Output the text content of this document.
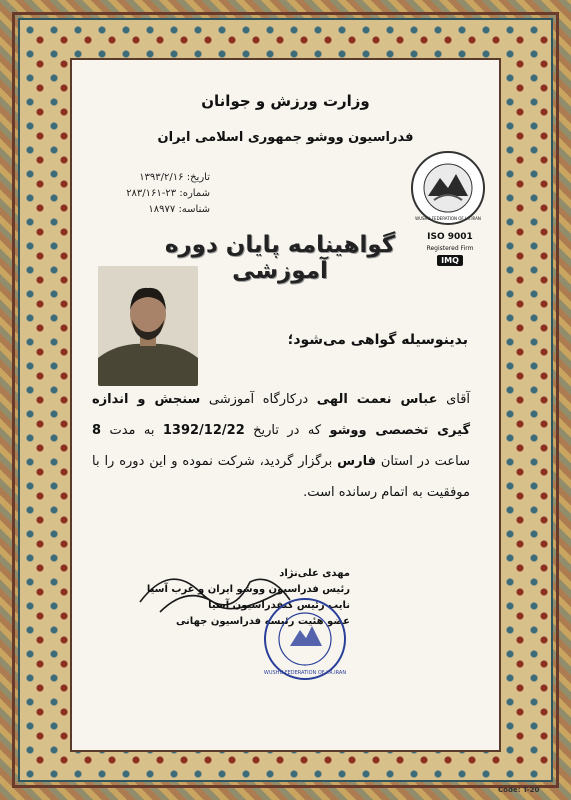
وزارت ورزش و جوانان
فدراسیون ووشو جمهوری اسلامی ایران
تاریخ: ۱۳۹۳/۲/۱۶
شماره: ۲۳-۲۸۳/۱۶۱
شناسه: ۱۸۹۷۷
WUSHU FEDERATION OF I.R.IRAN
ISO 9001
Registered Firm
IMQ
گواهینامه پایان دوره آموزشی
بدینوسیله گواهی می‌شود؛
آقای عباس نعمت الهی درکارگاه آموزشی سنجش و اندازه گیری تخصصی ووشو که در تاریخ 1392/12/22 به مدت 8 ساعت در استان فارس برگزار گردید، شرکت نموده و این دوره را با موفقیت به اتمام رسانده است.
مهدی علی‌نژاد
رئیس فدراسیون ووشو ایران و غرب آسیا
نایب رئیس کنفدراسیون آسیا
عضو هئیت رئیسه فدراسیون جهانی
WUSHU FEDERATION OF I.R.IRAN
Code: T-20
